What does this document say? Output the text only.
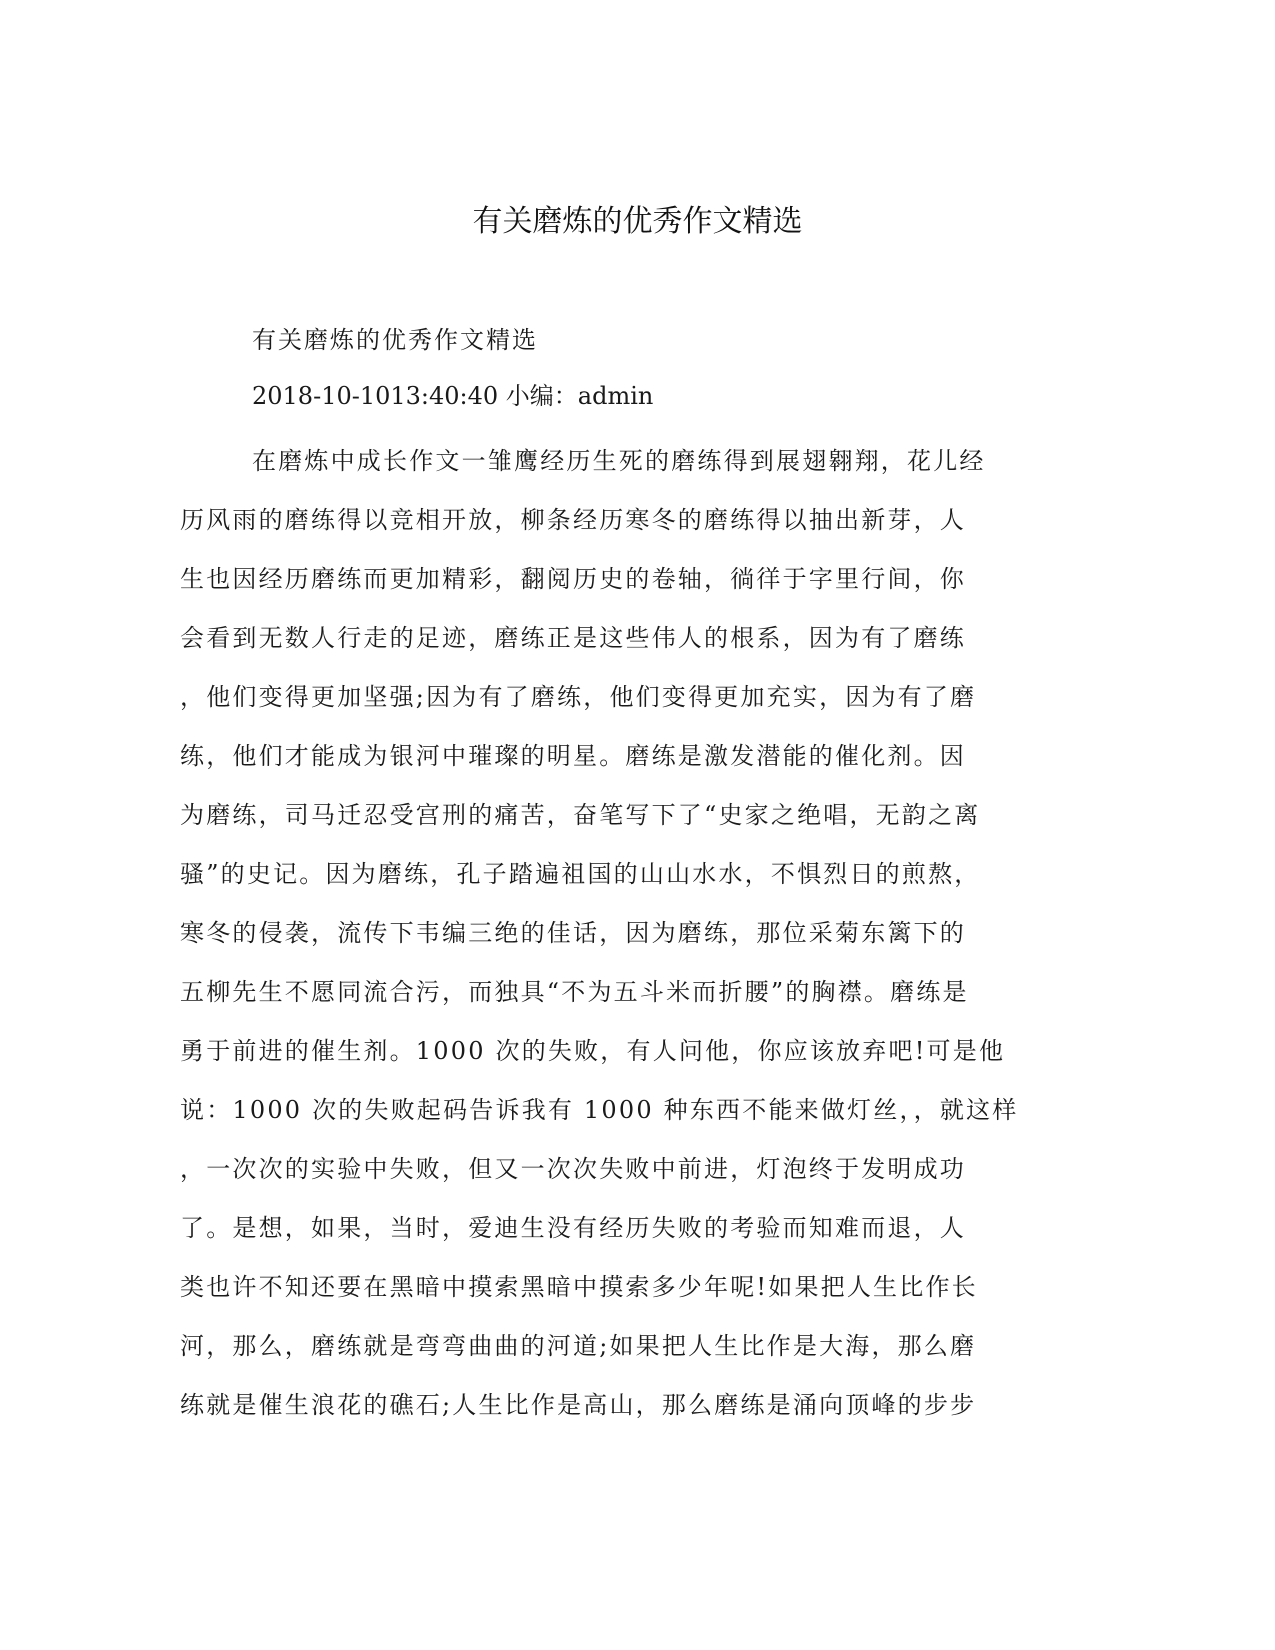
有关磨炼的优秀作文精选

有关磨炼的优秀作文精选

2018-10-1013:40:40 小编：admin

在磨炼中成长作文一雏鹰经历生死的磨练得到展翅翱翔，花儿经
历风雨的磨练得以竞相开放，柳条经历寒冬的磨练得以抽出新芽，人
生也因经历磨练而更加精彩，翻阅历史的卷轴，徜徉于字里行间，你
会看到无数人行走的足迹，磨练正是这些伟人的根系，因为有了磨练
，他们变得更加坚强;因为有了磨练，他们变得更加充实，因为有了磨
练，他们才能成为银河中璀璨的明星。磨练是激发潜能的催化剂。因
为磨练，司马迁忍受宫刑的痛苦，奋笔写下了“史家之绝唱，无韵之离
骚”的史记。因为磨练，孔子踏遍祖国的山山水水，不惧烈日的煎熬，
寒冬的侵袭，流传下韦编三绝的佳话，因为磨练，那位采菊东篱下的
五柳先生不愿同流合污，而独具“不为五斗米而折腰”的胸襟。磨练是
勇于前进的催生剂。1000 次的失败，有人问他，你应该放弃吧!可是他
说：1000 次的失败起码告诉我有 1000 种东西不能来做灯丝，，就这样
，一次次的实验中失败，但又一次次失败中前进，灯泡终于发明成功
了。是想，如果，当时，爱迪生没有经历失败的考验而知难而退，人
类也许不知还要在黑暗中摸索黑暗中摸索多少年呢!如果把人生比作长
河，那么，磨练就是弯弯曲曲的河道;如果把人生比作是大海，那么磨
练就是催生浪花的礁石;人生比作是高山，那么磨练是涌向顶峰的步步
